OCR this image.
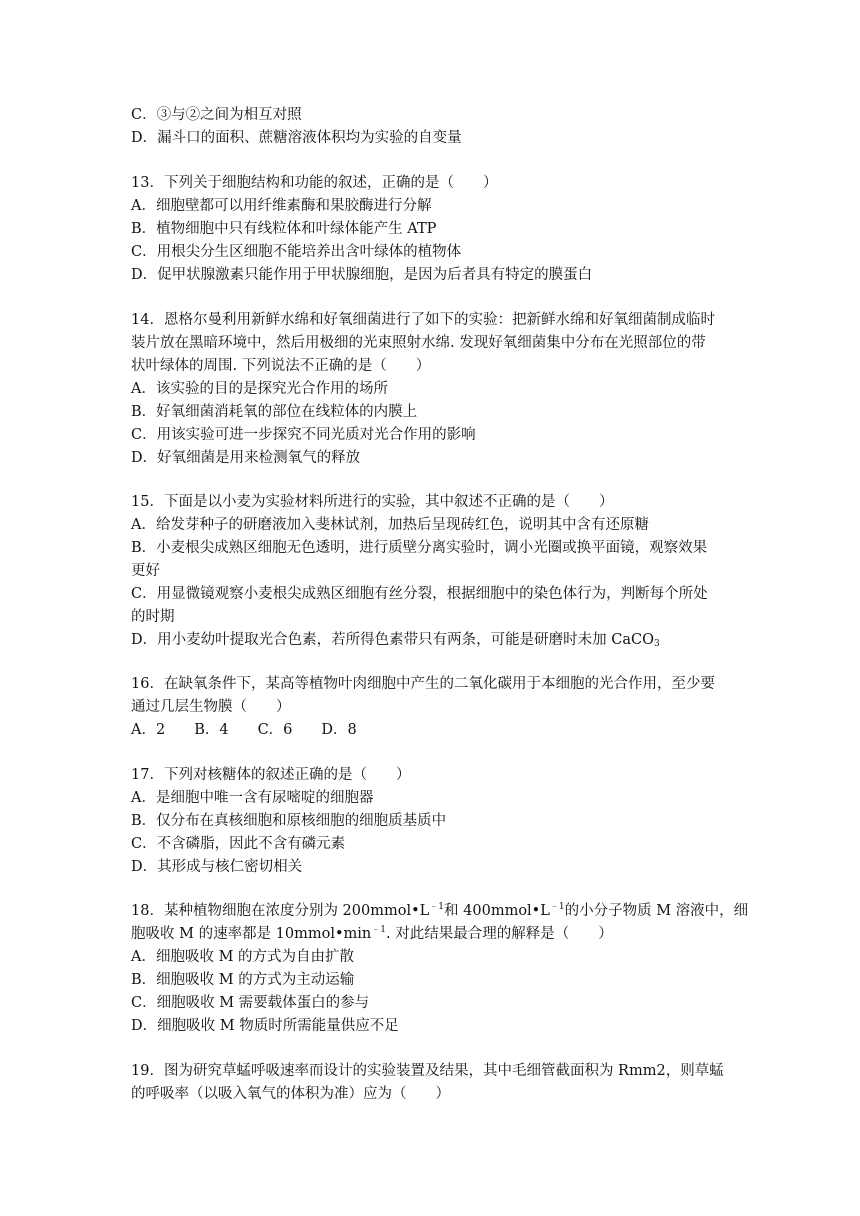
C．③与②之间为相互对照
D．漏斗口的面积、蔗糖溶液体积均为实验的自变量
13．下列关于细胞结构和功能的叙述，正确的是（　　）
A．细胞壁都可以用纤维素酶和果胶酶进行分解
B．植物细胞中只有线粒体和叶绿体能产生 ATP
C．用根尖分生区细胞不能培养出含叶绿体的植物体
D．促甲状腺激素只能作用于甲状腺细胞，是因为后者具有特定的膜蛋白
14．恩格尔曼利用新鲜水绵和好氧细菌进行了如下的实验：把新鲜水绵和好氧细菌制成临时
装片放在黑暗环境中，然后用极细的光束照射水绵. 发现好氧细菌集中分布在光照部位的带
状叶绿体的周围. 下列说法不正确的是（　　）
A．该实验的目的是探究光合作用的场所
B．好氧细菌消耗氧的部位在线粒体的内膜上
C．用该实验可进一步探究不同光质对光合作用的影响
D．好氧细菌是用来检测氧气的释放
15．下面是以小麦为实验材料所进行的实验，其中叙述不正确的是（　　）
A．给发芽种子的研磨液加入斐林试剂，加热后呈现砖红色，说明其中含有还原糖
B．小麦根尖成熟区细胞无色透明，进行质壁分离实验时，调小光圈或换平面镜，观察效果
更好
C．用显微镜观察小麦根尖成熟区细胞有丝分裂，根据细胞中的染色体行为，判断每个所处
的时期
D．用小麦幼叶提取光合色素，若所得色素带只有两条，可能是研磨时未加 CaCO$_3$
16．在缺氧条件下，某高等植物叶肉细胞中产生的二氧化碳用于本细胞的光合作用，至少要
通过几层生物膜（　　）
A．2　　B．4　　C．6　　D．8
17．下列对核糖体的叙述正确的是（　　）
A．是细胞中唯一含有尿嘧啶的细胞器
B．仅分布在真核细胞和原核细胞的细胞质基质中
C．不含磷脂，因此不含有磷元素
D．其形成与核仁密切相关
18．某种植物细胞在浓度分别为 $200mmol•L^{﹣1}$和 $400mmol•L^{﹣1}$的小分子物质 M 溶液中，细
胞吸收 M 的速率都是 $10mmol•\min^{﹣1}$. 对此结果最合理的解释是（　　）
A．细胞吸收 M 的方式为自由扩散
B．细胞吸收 M 的方式为主动运输
C．细胞吸收 M 需要载体蛋白的参与
D．细胞吸收 M 物质时所需能量供应不足
19．图为研究草蜢呼吸速率而设计的实验装置及结果，其中毛细管截面积为 Rmm2，则草蜢
的呼吸率（以吸入氧气的体积为准）应为（　　）
